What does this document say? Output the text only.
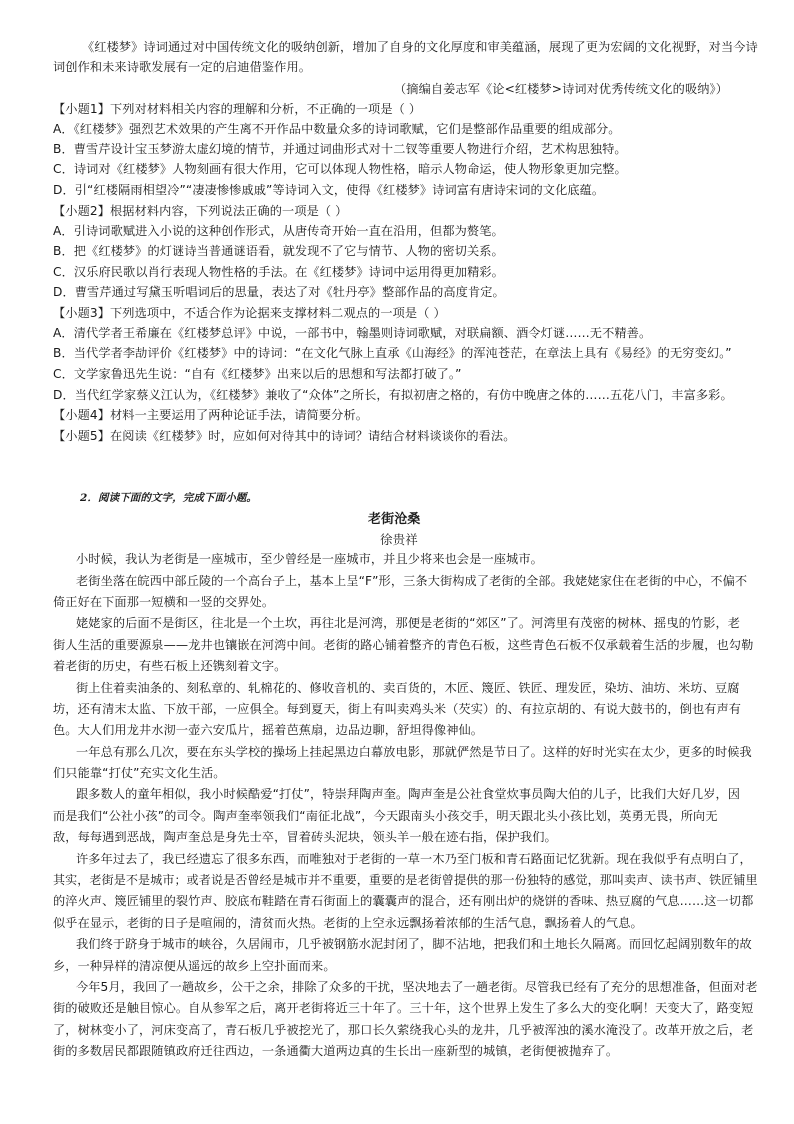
《红楼梦》诗词通过对中国传统文化的吸纳创新，增加了自身的文化厚度和审美蕴涵，展现了更为宏阔的文化视野，对当今诗
词创作和未来诗歌发展有一定的启迪借鉴作用。
（摘编自姜志军《论<红楼梦>诗词对优秀传统文化的吸纳》）
【小题1】下列对材料相关内容的理解和分析，不正确的一项是（ ）
A．《红楼梦》强烈艺术效果的产生离不开作品中数量众多的诗词歌赋，它们是整部作品重要的组成部分。
B．曹雪芹设计宝玉梦游太虚幻境的情节，并通过词曲形式对十二钗等重要人物进行介绍，艺术构思独特。
C．诗词对《红楼梦》人物刻画有很大作用，它可以体现人物性格，暗示人物命运，使人物形象更加完整。
D．引“红楼隔雨相望冷”“凄凄惨惨戚戚”等诗词入文，使得《红楼梦》诗词富有唐诗宋词的文化底蕴。
【小题2】根据材料内容，下列说法正确的一项是（ ）
A．引诗词歌赋进入小说的这种创作形式，从唐传奇开始一直在沿用，但都为赘笔。
B．把《红楼梦》的灯谜诗当普通谜语看，就发现不了它与情节、人物的密切关系。
C．汉乐府民歌以肖行表现人物性格的手法。在《红楼梦》诗词中运用得更加精彩。
D．曹雪芹通过写黛玉听唱词后的思量，表达了对《牡丹亭》整部作品的高度肯定。
【小题3】下列选项中，不适合作为论据来支撑材料二观点的一项是（ ）
A．清代学者王希廉在《红楼梦总评》中说，一部书中，翰墨则诗词歌赋，对联扁额、酒令灯谜……无不精善。
B．当代学者李劼评价《红楼梦》中的诗词：“在文化气脉上直承《山海经》的浑沌苍茫，在章法上具有《易经》的无穷变幻。”
C．文学家鲁迅先生说：“自有《红楼梦》出来以后的思想和写法都打破了。”
D．当代红学家蔡义江认为，《红楼梦》兼收了“众体”之所长，有拟初唐之格的，有仿中晚唐之体的……五花八门，丰富多彩。
【小题4】材料一主要运用了两种论证手法，请简要分析。
【小题5】在阅读《红楼梦》时，应如何对待其中的诗词？请结合材料谈谈你的看法。
2．阅读下面的文字，完成下面小题。
老街沧桑
徐贵祥
小时候，我认为老街是一座城市，至少曾经是一座城市，并且少将来也会是一座城市。
老街坐落在皖西中部丘陵的一个高台子上，基本上呈“F”形，三条大街构成了老街的全部。我姥姥家住在老街的中心，不偏不
倚正好在下面那一短横和一竖的交界处。
姥姥家的后面不是街区，往北是一个土坎，再往北是河湾，那便是老街的“郊区”了。河湾里有茂密的树林、摇曳的竹影，老
街人生活的重要源泉——龙井也镶嵌在河湾中间。老街的路心铺着整齐的青色石板，这些青色石板不仅承载着生活的步履，也勾勒
着老街的历史，有些石板上还镌刻着文字。
街上住着卖油条的、刻私章的、轧棉花的、修收音机的、卖百货的，木匠、篾匠、铁匠、理发匠，染坊、油坊、米坊、豆腐
坊，还有清末太监、下放干部，一应俱全。每到夏天，街上有叫卖鸡头米（芡实）的、有拉京胡的、有说大鼓书的，倒也有声有
色。大人们用龙井水沏一壶六安瓜片，摇着芭蕉扇，边品边聊，舒坦得像神仙。
一年总有那么几次，要在东头学校的操场上挂起黑边白幕放电影，那就俨然是节日了。这样的好时光实在太少，更多的时候我
们只能靠“打仗”充实文化生活。
跟多数人的童年相似，我小时候酷爱“打仗”，特崇拜陶声奎。陶声奎是公社食堂炊事员陶大伯的儿子，比我们大好几岁，因
而是我们“公社小孩”的司令。陶声奎率领我们“南征北战”，今天跟南头小孩交手，明天跟北头小孩比划，英勇无畏，所向无
敌，每每遇到恶战，陶声奎总是身先士卒，冒着砖头泥块，领头羊一般在迹右指，保护我们。
许多年过去了，我已经遗忘了很多东西，而唯独对于老街的一草一木乃至门板和青石路面记忆犹新。现在我似乎有点明白了，
其实，老街是不是城市；或者说是否曾经是城市并不重要，重要的是老街曾提供的那一份独特的感觉，那叫卖声、读书声、铁匠铺里
的淬火声、篾匠铺里的裂竹声、胶底布鞋踏在青石街面上的囊囊声的混合，还有刚出炉的烧饼的香味、热豆腐的气息……这一切都
似乎在显示，老街的日子是喧闹的，清贫而火热。老街的上空永远飘扬着浓郁的生活气息，飘扬着人的气息。
我们终于跻身于城市的峡谷，久居闹市，几乎被钢筋水泥封闭了，脚不沾地，把我们和土地长久隔离。而回忆起阔别数年的故
乡，一种异样的清凉便从遥远的故乡上空扑面而来。
今年5月，我回了一趟故乡，公干之余，排除了众多的干扰，坚决地去了一趟老街。尽管我已经有了充分的思想准备，但面对老
街的破败还是触目惊心。自从参军之后，离开老街将近三十年了。三十年，这个世界上发生了多么大的变化啊！天变大了，路变短
了，树林变小了，河床变高了，青石板几乎被挖光了，那口长久萦绕我心头的龙井，几乎被浑浊的溪水淹没了。改革开放之后，老
街的多数居民都跟随镇政府迁往西边，一条通衢大道两边真的生长出一座新型的城镇，老街便被抛弃了。
